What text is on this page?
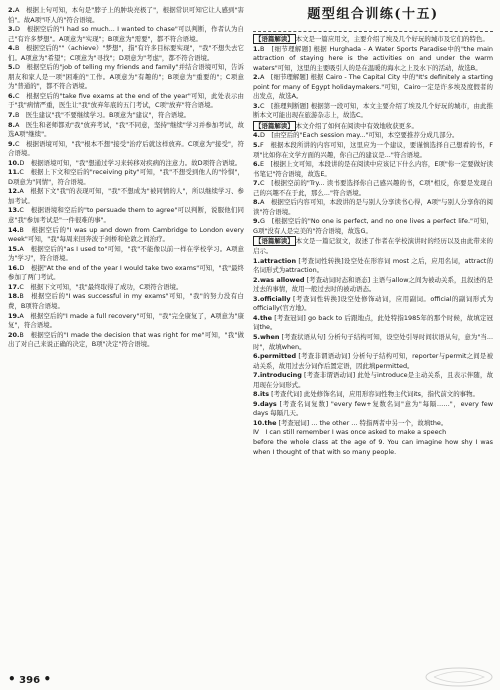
2.A　根据上句可知，本句是"脖子上的肿块亮极了"，根据常识可知它让人感到"害怕"。故A项"吓人的"符合语境。

3.D　根据空后的"I had so much... I wanted to chase"可以判断，作者认为自己"有许多梦想"。A项意为"实现"；B项意为"需要"，都不符合语境。

4.B　根据空后的""（achieve）"梦想"，指"有许多目标要实现"，"我"不想失去它们。A项意为"希望"；C项意为"寻找"；D项意为"考虑"，都不符合语境。

5.D　根据空后的"job of telling my friends and family"并结合语境可知，告诉朋友和家人是一项"困难的"工作。A项意为"有趣的"；B项意为"重要的"；C项意为"普通的"，都不符合语境。

6.C　根据空后的"take five exams at the end of the year"可知，此处表示由于"我"病情严重，医生让"我"放弃年底的五门考试，C项"放弃"符合语境。

7.B　医生建议"我"不要继续学习。B项意为"建议"，符合语境。

8.A　医生和老师都劝"我"放弃考试，"我"不同意，坚持"继续"学习并参加考试，故选A项"继续"。

9.C　根据语境可知，"我"根本不想"接受"治疗后就这样放弃。C项意为"接受"，符合语境。

10.D　根据语境可知，"我"想通过学习来转移对疾病的注意力。故D项符合语境。

11.C　根据上下文和空后的"receiving pity"可知，"我"不想受到他人的"怜悯"，D项意为"同情"，符合语境。

12.A　根据下文"我"的表现可知，"我"不想成为"被同情的人"，所以继续学习、参加考试。

13.C　根据语境和空后的"to persuade them to agree"可以判断，说服他们同意"我"参加考试是"一件很难的事"。

14.B　根据空后的"I was up and down from Cambridge to London every week"可知，"我"每周来回奔波于剑桥和伦敦之间治疗。

15.A　根据空后的"as I used to"可知，"我"不能像以前一样在学校学习。A项意为"学习"，符合语境。

16.D　根据"At the end of the year I would take two exams"可知，"我"最终参加了两门考试。

17.C　根据下文可知，"我"最终取得了成功，C项符合语境。

18.B　根据空后的"I was successful in my exams"可知，"我"的努力没有白费，B项符合语境。

19.A　根据空后的"I made a full recovery"可知，"我"完全康复了，A项意为"康复"，符合语境。

20.B　根据空后的"I made the decision that was right for me"可知，"我"做出了对自己来说正确的决定，B项"决定"符合语境。

题型组合训练(十五)

【语篇解读】 本文是一篇应用文，主要介绍了埃及几个好玩的城市及它们的特色。

1.B　[细节理解题] 根据 Hurghada - A Water Sports Paradise中的"the main attraction of staying here is the activities on and under the warm waters"可知，这里的主要吸引人的是在温暖的海水之上及水下的活动，故选B。

2.A　[细节理解题] 根据 Cairo - The Capital City 中的"It's definitely a starting point for many of Egypt holidaymakers."可知，Cairo一定是许多埃及度假者的出发点，故选A。

3.C　[推理判断题] 根据第一段可知，本文主要介绍了埃及几个好玩的城市，由此推断本文可能出现在旅游杂志上，故选C。

【语篇解读】 本文介绍了如何在阅读中有效地收获更多。

4.D　[由空后的"Each session may..."可知，本空要推荐分成几部分。

5.F　根据本段所讲的内容可知，这里应为一个建议，要谨慎选择自己想看的书，F项"比如你在文学方面的兴趣，你自己的建议是..."符合语境。

6.E　[根据上文可知，本段讲的是在阅读中应该记下什么内容，E项"你一定要做好读书笔记"符合语境，故选E。

7.C　[根据空前的"Try... 读书要选择你自己感兴趣的书，C项"相反，你要是发现自己的兴趣不在于此，那么..."符合语境。

8.A　根据空后内容可知，本段讲的是与别人分享读书心得，A项"与别人分享你的阅读"符合语境。

9.G　[根据空后的"No one is perfect, and no one lives a perfect life."可知，G项"没有人是完美的"符合语境，故选G。

【语篇解读】 本文是一篇记叙文，叙述了作者在学校演讲时的经历以及由此带来的启示。

1.attraction [考查词性转换]设空处在形容词 most 之后，应用名词，attract的名词形式为attraction。

2.was allowed [考查动词时态和语态] 主语与allow之间为被动关系，且叙述的是过去的事情，故用一般过去时的被动语态。

3.officially [考查词性转换]设空处修饰动词，应用副词。official的副词形式为officially(官方地)。

4.the [考查冠词] go back to 后跟地点，此处特指1985年的那个时候，故填定冠词the。

5.when [考查状语从句] 分析句子结构可知，设空处引导时间状语从句，意为"当...时"，故填when。

6.permitted [考查非谓语动词] 分析句子结构可知，reporter与permit之间是被动关系，故用过去分词作后置定语，因此填permitted。

7.introducing [考查非谓语动词] 此处与introduce是主动关系，且表示伴随，故用现在分词形式。

8.its [考查代词] 此处修饰名词，应用形容词性物主代词its，指代前文的事物。

9.days [考查名词复数] "every few+复数名词"意为"每隔……"，every few days 每隔几天。

10.the [考查冠词] ... the other ... 特指两者中另一个，故填the。

Ⅳ　I can still remember I was once asked to make a speech

before the whole class at the age of 9. You can imagine how shy I was when I thought of that with so many people.

• 396 •
